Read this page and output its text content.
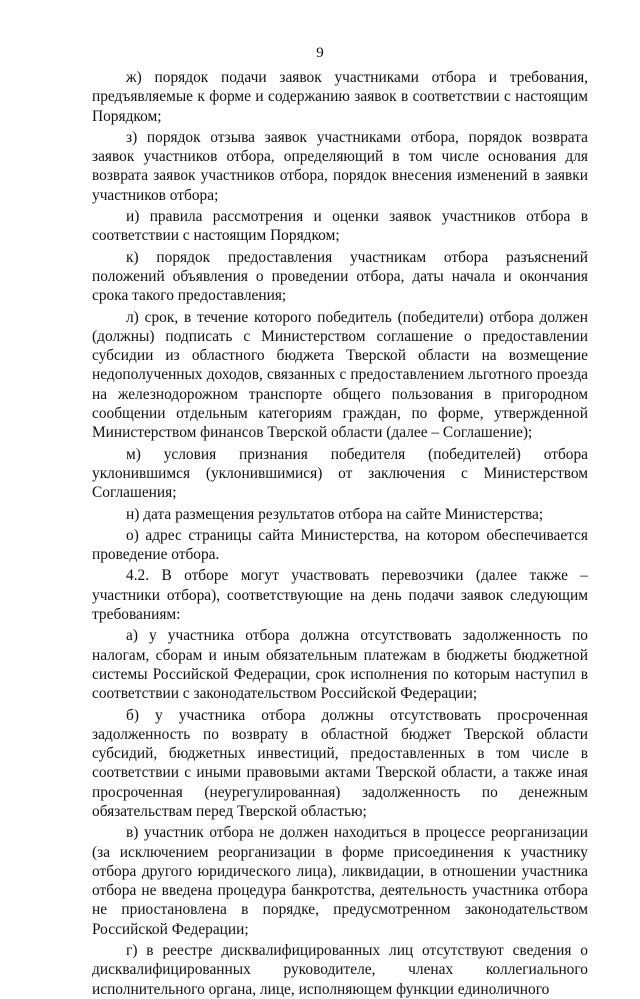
9

ж) порядок подачи заявок участниками отбора и требования, предъявляемые к форме и содержанию заявок в соответствии с настоящим Порядком;

з) порядок отзыва заявок участниками отбора, порядок возврата заявок участников отбора, определяющий в том числе основания для возврата заявок участников отбора, порядок внесения изменений в заявки участников отбора;

и) правила рассмотрения и оценки заявок участников отбора в соответствии с настоящим Порядком;

к) порядок предоставления участникам отбора разъяснений положений объявления о проведении отбора, даты начала и окончания срока такого предоставления;

л) срок, в течение которого победитель (победители) отбора должен (должны) подписать с Министерством соглашение о предоставлении субсидии из областного бюджета Тверской области на возмещение недополученных доходов, связанных с предоставлением льготного проезда на железнодорожном транспорте общего пользования в пригородном сообщении отдельным категориям граждан, по форме, утвержденной Министерством финансов Тверской области (далее – Соглашение);

м) условия признания победителя (победителей) отбора уклонившимся (уклонившимися) от заключения с Министерством Соглашения;

н) дата размещения результатов отбора на сайте Министерства;

о) адрес страницы сайта Министерства, на котором обеспечивается проведение отбора.

4.2. В отборе могут участвовать перевозчики (далее также – участники отбора), соответствующие на день подачи заявок следующим требованиям:

а) у участника отбора должна отсутствовать задолженность по налогам, сборам и иным обязательным платежам в бюджеты бюджетной системы Российской Федерации, срок исполнения по которым наступил в соответствии с законодательством Российской Федерации;

б) у участника отбора должны отсутствовать просроченная задолженность по возврату в областной бюджет Тверской области субсидий, бюджетных инвестиций, предоставленных в том числе в соответствии с иными правовыми актами Тверской области, а также иная просроченная (неурегулированная) задолженность по денежным обязательствам перед Тверской областью;

в) участник отбора не должен находиться в процессе реорганизации (за исключением реорганизации в форме присоединения к участнику отбора другого юридического лица), ликвидации, в отношении участника отбора не введена процедура банкротства, деятельность участника отбора не приостановлена в порядке, предусмотренном законодательством Российской Федерации;

г) в реестре дисквалифицированных лиц отсутствуют сведения о дисквалифицированных руководителе, членах коллегиального исполнительного органа, лице, исполняющем функции единоличного
